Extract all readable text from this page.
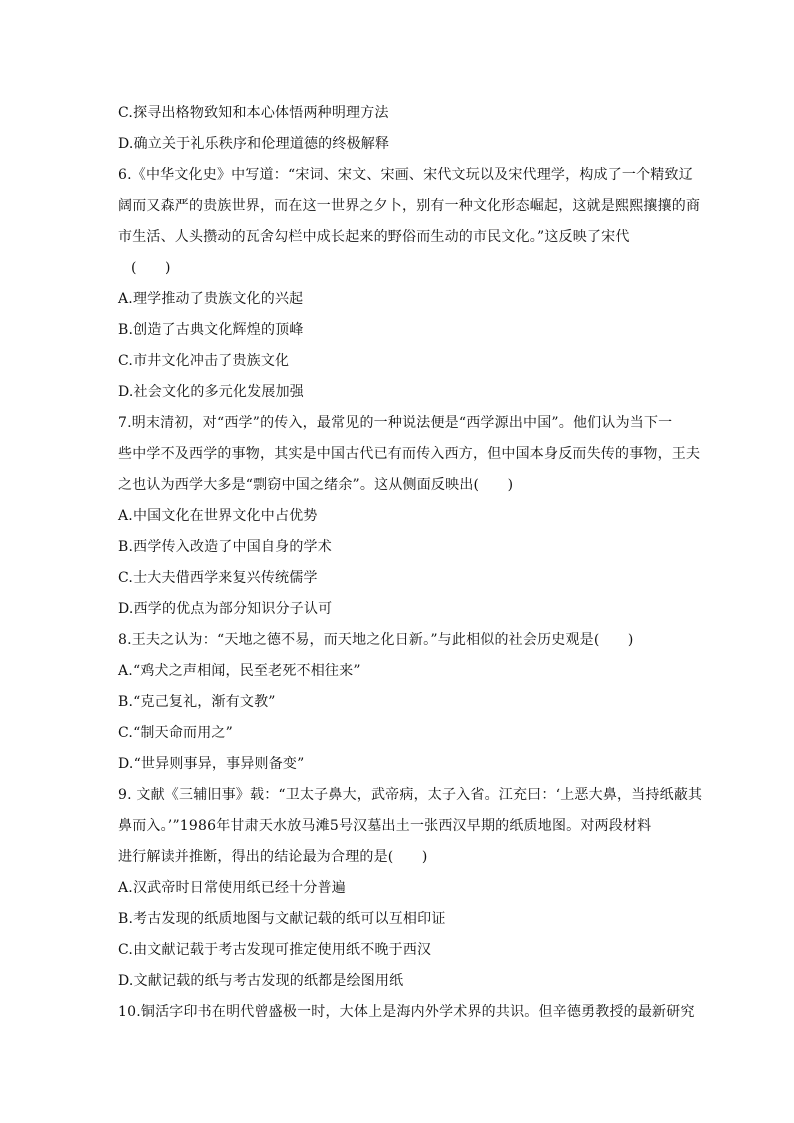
C.探寻出格物致知和本心体悟两种明理方法
D.确立关于礼乐秩序和伦理道德的终极解释
6.《中华文化史》中写道：“宋词、宋文、宋画、宋代文玩以及宋代理学，构成了一个精致辽
阔而又森严的贵族世界，而在这一世界之夕卜，别有一种文化形态崛起，这就是熙熙攘攘的商
市生活、人头攒动的瓦舍勾栏中成长起来的野俗而生动的市民文化。”这反映了宋代
(　　)
A.理学推动了贵族文化的兴起
B.创造了古典文化辉煌的顶峰
C.市井文化冲击了贵族文化
D.社会文化的多元化发展加强
7.明末清初，对“西学”的传入，最常见的一种说法便是“西学源出中国”。他们认为当下一
些中学不及西学的事物，其实是中国古代已有而传入西方，但中国本身反而失传的事物，王夫
之也认为西学大多是“剽窃中国之绪余”。这从侧面反映出(　　)
A.中国文化在世界文化中占优势
B.西学传入改造了中国自身的学术
C.士大夫借西学来复兴传统儒学
D.西学的优点为部分知识分子认可
8.王夫之认为：“天地之德不易，而天地之化日新。”与此相似的社会历史观是(　　)
A.“鸡犬之声相闻，民至老死不相往来”
B.“克己复礼，渐有文教”
C.“制天命而用之”
D.“世异则事异，事异则备变”
9. 文献《三辅旧事》载：“卫太子鼻大，武帝病，太子入省。江充曰：‘上恶大鼻，当持纸蔽其
鼻而入。’”1986年甘肃天水放马滩5号汉墓出土一张西汉早期的纸质地图。对两段材料
进行解读并推断，得出的结论最为合理的是(　　)
A.汉武帝时日常使用纸已经十分普遍
B.考古发现的纸质地图与文献记载的纸可以互相印证
C.由文献记载于考古发现可推定使用纸不晚于西汉
D.文献记载的纸与考古发现的纸都是绘图用纸
10.铜活字印书在明代曾盛极一时，大体上是海内外学术界的共识。但辛德勇教授的最新研究
